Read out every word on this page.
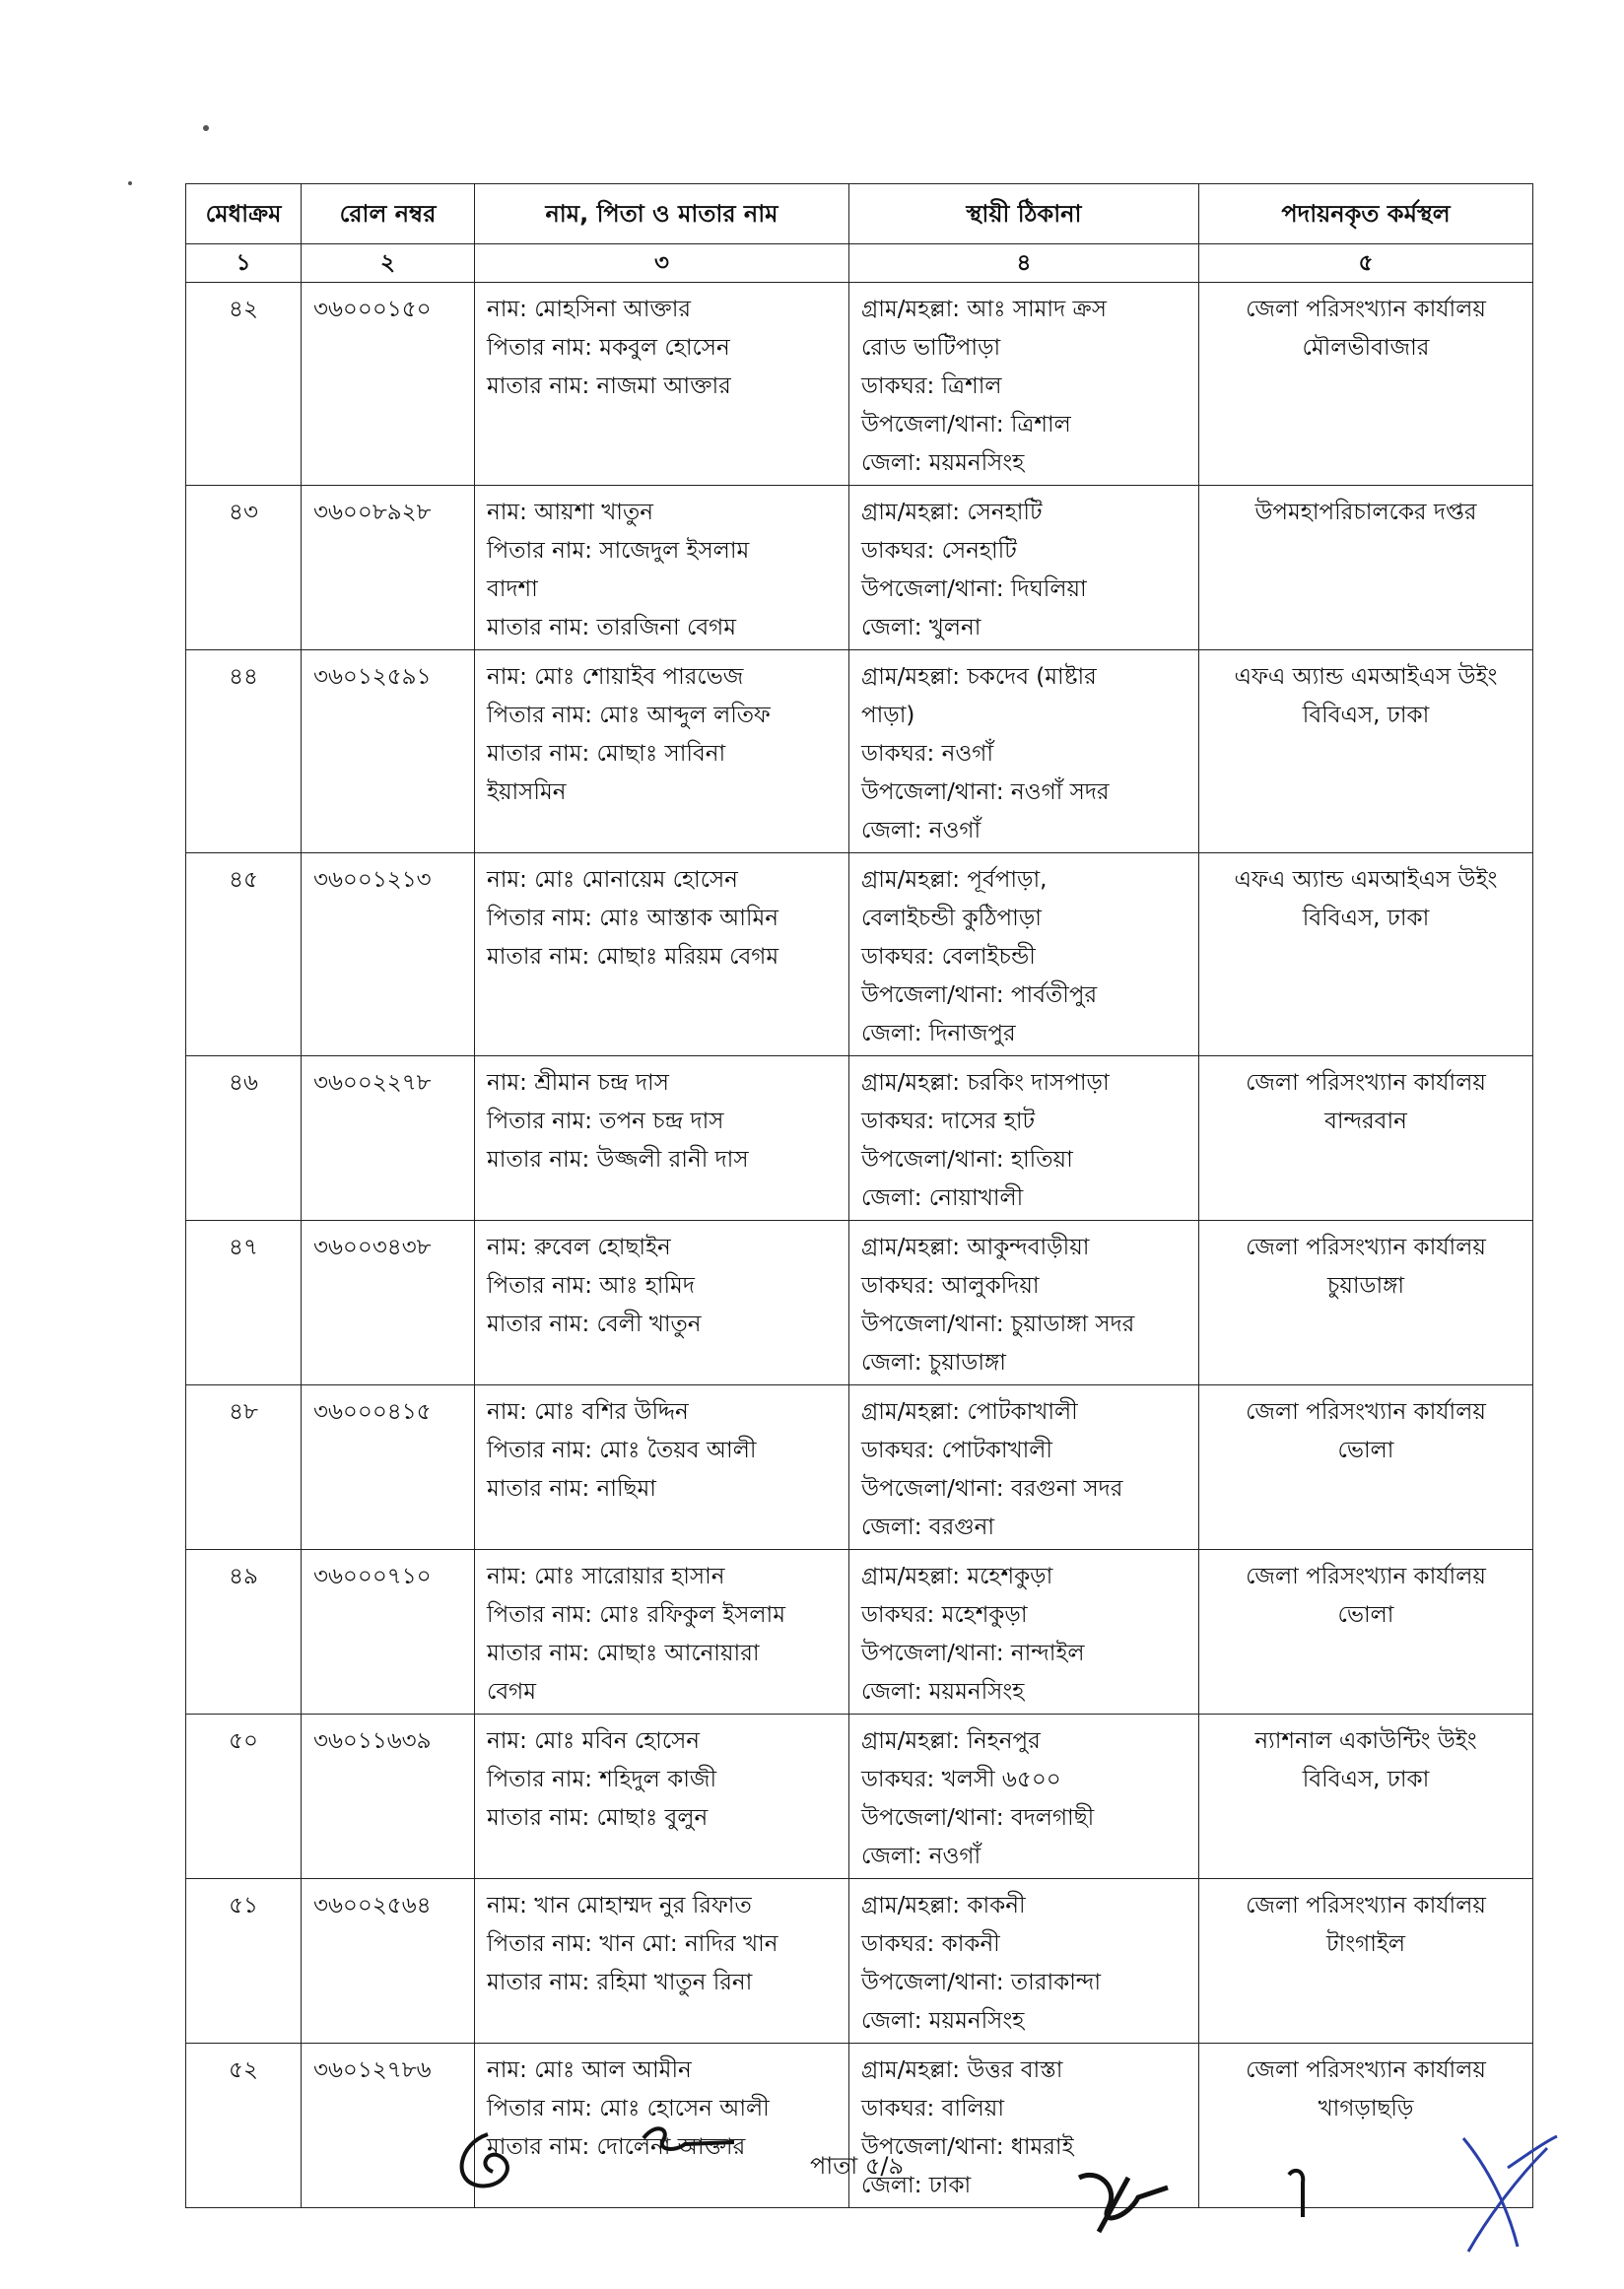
মেধাক্রম	রোল নম্বর	নাম, পিতা ও মাতার নাম	স্থায়ী ঠিকানা	পদায়নকৃত কর্মস্থল
১	২	৩	৪	৫
৪২	৩৬০০০১৫০	নাম: মোহসিনা আক্তার
পিতার নাম: মকবুল হোসেন
মাতার নাম: নাজমা আক্তার	গ্রাম/মহল্লা: আঃ সামাদ ক্রস
রোড ভাটিপাড়া
ডাকঘর: ত্রিশাল
উপজেলা/থানা: ত্রিশাল
জেলা: ময়মনসিংহ	জেলা পরিসংখ্যান কার্যালয়
মৌলভীবাজার

৪৩	৩৬০০৮৯২৮	নাম: আয়শা খাতুন
পিতার নাম: সাজেদুল ইসলাম
বাদশা
মাতার নাম: তারজিনা বেগম	গ্রাম/মহল্লা: সেনহাটি
ডাকঘর: সেনহাটি
উপজেলা/থানা: দিঘলিয়া
জেলা: খুলনা	উপমহাপরিচালকের দপ্তর

৪৪	৩৬০১২৫৯১	নাম: মোঃ শোয়াইব পারভেজ
পিতার নাম: মোঃ আব্দুল লতিফ
মাতার নাম: মোছাঃ সাবিনা
ইয়াসমিন	গ্রাম/মহল্লা: চকদেব (মাষ্টার
পাড়া)
ডাকঘর: নওগাঁ
উপজেলা/থানা: নওগাঁ সদর
জেলা: নওগাঁ	এফএ অ্যান্ড এমআইএস উইং
বিবিএস, ঢাকা

৪৫	৩৬০০১২১৩	নাম: মোঃ মোনায়েম হোসেন
পিতার নাম: মোঃ আস্তাক আমিন
মাতার নাম: মোছাঃ মরিয়ম বেগম	গ্রাম/মহল্লা: পূর্বপাড়া,
বেলাইচন্ডী কুঠিপাড়া
ডাকঘর: বেলাইচন্ডী
উপজেলা/থানা: পার্বতীপুর
জেলা: দিনাজপুর	এফএ অ্যান্ড এমআইএস উইং
বিবিএস, ঢাকা

৪৬	৩৬০০২২৭৮	নাম: শ্রীমান চন্দ্র দাস
পিতার নাম: তপন চন্দ্র দাস
মাতার নাম: উজ্জলী রানী দাস	গ্রাম/মহল্লা: চরকিং দাসপাড়া
ডাকঘর: দাসের হাট
উপজেলা/থানা: হাতিয়া
জেলা: নোয়াখালী	জেলা পরিসংখ্যান কার্যালয়
বান্দরবান

৪৭	৩৬০০৩৪৩৮	নাম: রুবেল হোছাইন
পিতার নাম: আঃ হামিদ
মাতার নাম: বেলী খাতুন	গ্রাম/মহল্লা: আকুন্দবাড়ীয়া
ডাকঘর: আলুকদিয়া
উপজেলা/থানা: চুয়াডাঙ্গা সদর
জেলা: চুয়াডাঙ্গা	জেলা পরিসংখ্যান কার্যালয়
চুয়াডাঙ্গা

৪৮	৩৬০০০৪১৫	নাম: মোঃ বশির উদ্দিন
পিতার নাম: মোঃ তৈয়ব আলী
মাতার নাম: নাছিমা	গ্রাম/মহল্লা: পোটকাখালী
ডাকঘর: পোটকাখালী
উপজেলা/থানা: বরগুনা সদর
জেলা: বরগুনা	জেলা পরিসংখ্যান কার্যালয়
ভোলা

৪৯	৩৬০০০৭১০	নাম: মোঃ সারোয়ার হাসান
পিতার নাম: মোঃ রফিকুল ইসলাম
মাতার নাম: মোছাঃ আনোয়ারা
বেগম	গ্রাম/মহল্লা: মহেশকুড়া
ডাকঘর: মহেশকুড়া
উপজেলা/থানা: নান্দাইল
জেলা: ময়মনসিংহ	জেলা পরিসংখ্যান কার্যালয়
ভোলা

৫০	৩৬০১১৬৩৯	নাম: মোঃ মবিন হোসেন
পিতার নাম: শহিদুল কাজী
মাতার নাম: মোছাঃ বুলুন	গ্রাম/মহল্লা: নিহনপুর
ডাকঘর: খলসী ৬৫০০
উপজেলা/থানা: বদলগাছী
জেলা: নওগাঁ	ন্যাশনাল একাউন্টিং উইং
বিবিএস, ঢাকা

৫১	৩৬০০২৫৬৪	নাম: খান মোহাম্মদ নুর রিফাত
পিতার নাম: খান মো: নাদির খান
মাতার নাম: রহিমা খাতুন রিনা	গ্রাম/মহল্লা: কাকনী
ডাকঘর: কাকনী
উপজেলা/থানা: তারাকান্দা
জেলা: ময়মনসিংহ	জেলা পরিসংখ্যান কার্যালয়
টাংগাইল

৫২	৩৬০১২৭৮৬	নাম: মোঃ আল আমীন
পিতার নাম: মোঃ হোসেন আলী
মাতার নাম: দোলেনা আক্তার	গ্রাম/মহল্লা: উত্তর বাস্তা
ডাকঘর: বালিয়া
উপজেলা/থানা: ধামরাই
জেলা: ঢাকা	জেলা পরিসংখ্যান কার্যালয়
খাগড়াছড়ি
পাতা ৫/৯
